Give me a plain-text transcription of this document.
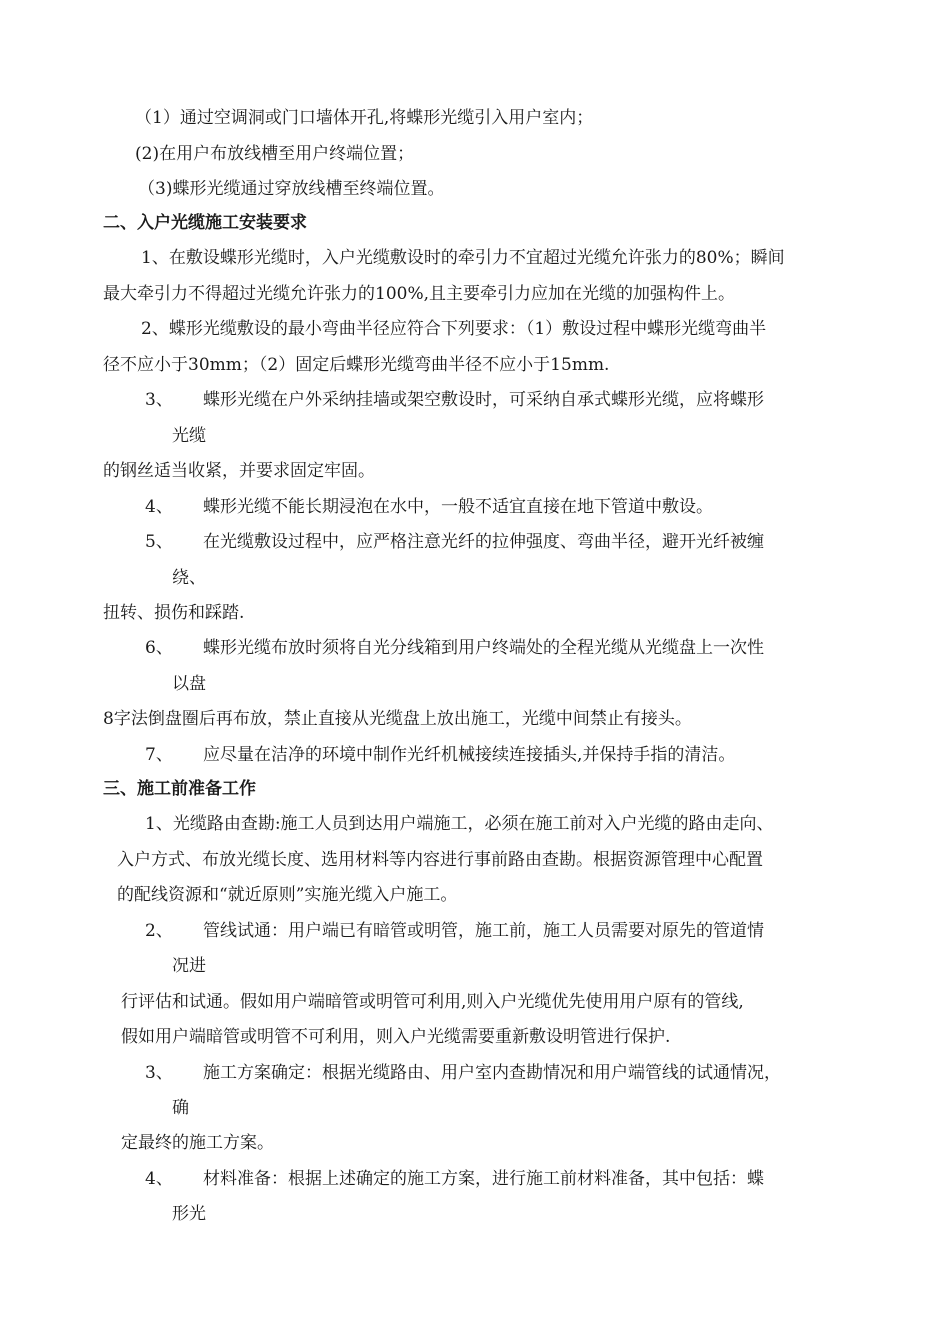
（1）通过空调洞或门口墙体开孔,将蝶形光缆引入用户室内；
(2)在用户布放线槽至用户终端位置；
（3)蝶形光缆通过穿放线槽至终端位置。
二、入户光缆施工安装要求
1、在敷设蝶形光缆时，入户光缆敷设时的牵引力不宜超过光缆允许张力的80%；瞬间
最大牵引力不得超过光缆允许张力的100%,且主要牵引力应加在光缆的加强构件上。
2、蝶形光缆敷设的最小弯曲半径应符合下列要求：（1）敷设过程中蝶形光缆弯曲半
径不应小于30mm；（2）固定后蝶形光缆弯曲半径不应小于15mm.
3、 蝶形光缆在户外采纳挂墙或架空敷设时，可采纳自承式蝶形光缆，应将蝶形
光缆
的钢丝适当收紧，并要求固定牢固。
4、 蝶形光缆不能长期浸泡在水中，一般不适宜直接在地下管道中敷设。
5、 在光缆敷设过程中，应严格注意光纤的拉伸强度、弯曲半径，避开光纤被缠
绕、
扭转、损伤和踩踏.
6、 蝶形光缆布放时须将自光分线箱到用户终端处的全程光缆从光缆盘上一次性
以盘
8字法倒盘圈后再布放，禁止直接从光缆盘上放出施工，光缆中间禁止有接头。
7、 应尽量在洁净的环境中制作光纤机械接续连接插头,并保持手指的清洁。
三、施工前准备工作
1、光缆路由查勘:施工人员到达用户端施工，必须在施工前对入户光缆的路由走向、
入户方式、布放光缆长度、选用材料等内容进行事前路由查勘。根据资源管理中心配置
的配线资源和“就近原则”实施光缆入户施工。
2、 管线试通：用户端已有暗管或明管，施工前，施工人员需要对原先的管道情
况进
行评估和试通。假如用户端暗管或明管可利用,则入户光缆优先使用用户原有的管线,
假如用户端暗管或明管不可利用，则入户光缆需要重新敷设明管进行保护.
3、 施工方案确定：根据光缆路由、用户室内查勘情况和用户端管线的试通情况，
确
定最终的施工方案。
4、 材料准备：根据上述确定的施工方案，进行施工前材料准备，其中包括：蝶
形光
